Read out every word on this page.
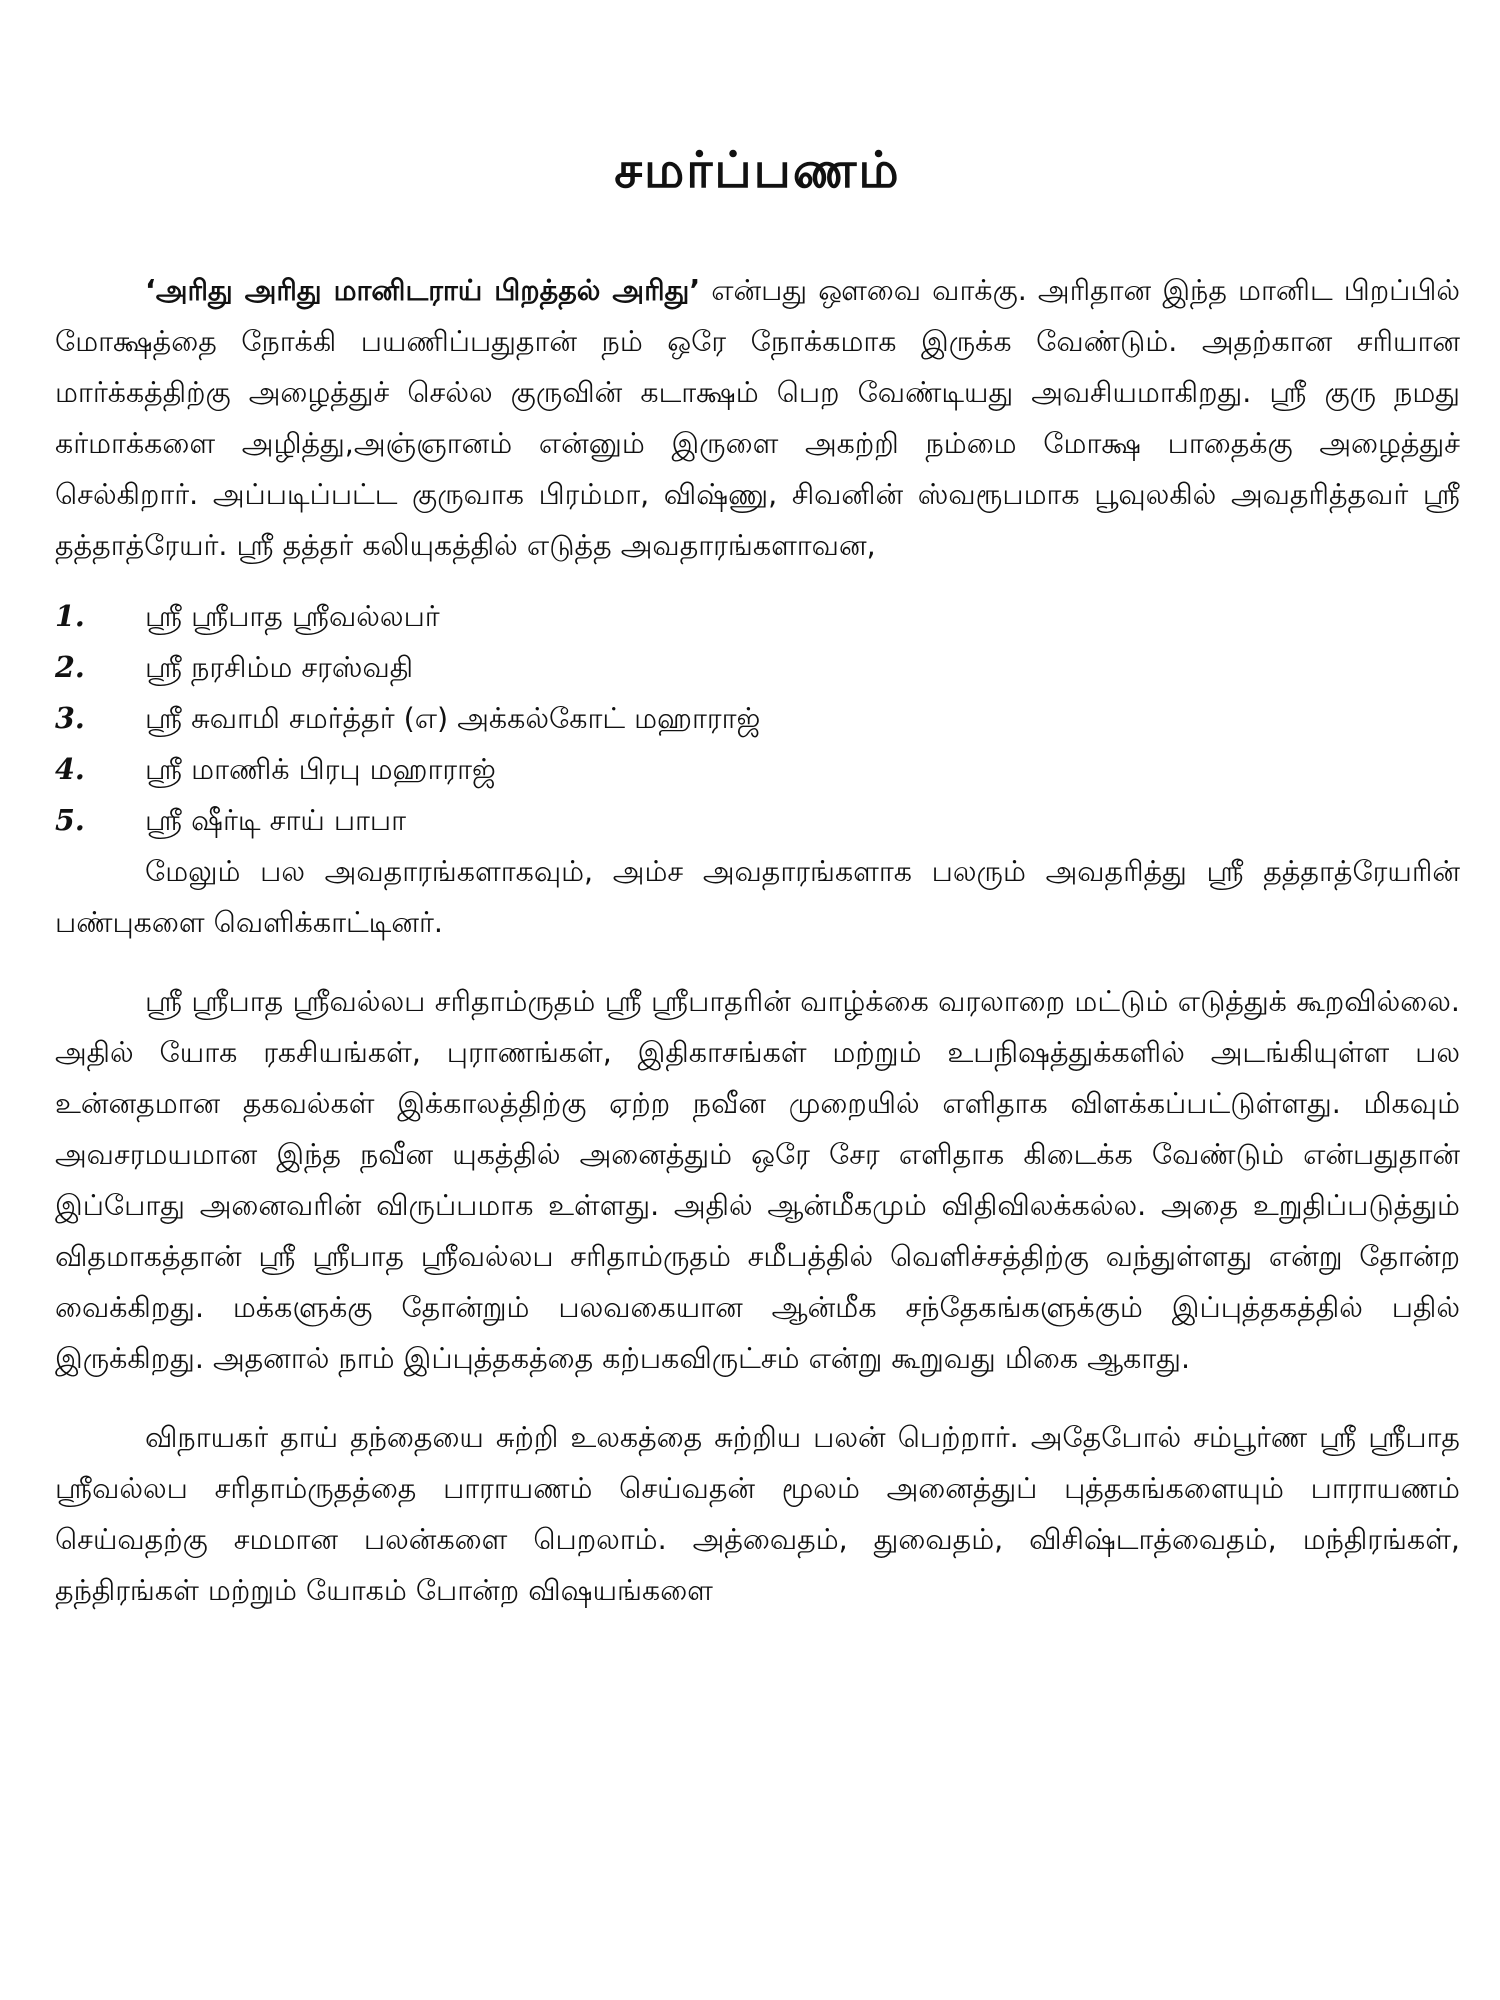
சமர்ப்பணம்

‘அரிது அரிது மானிடராய் பிறத்தல் அரிது’ என்பது ஔவை வாக்கு. அரிதான இந்த மானிட பிறப்பில் மோக்ஷத்தை நோக்கி பயணிப்பதுதான் நம் ஒரே நோக்கமாக இருக்க வேண்டும். அதற்கான சரியான மார்க்கத்திற்கு அழைத்துச் செல்ல குருவின் கடாக்ஷம் பெற வேண்டியது அவசியமாகிறது. ஸ்ரீ குரு நமது கர்மாக்களை அழித்து,அஞ்ஞானம் என்னும் இருளை அகற்றி நம்மை மோக்ஷ பாதைக்கு அழைத்துச் செல்கிறார். அப்படிப்பட்ட குருவாக பிரம்மா, விஷ்ணு, சிவனின் ஸ்வரூபமாக பூவுலகில் அவதரித்தவர் ஸ்ரீ தத்தாத்ரேயர். ஸ்ரீ தத்தர் கலியுகத்தில் எடுத்த அவதாரங்களாவன,

1.	ஸ்ரீ ஸ்ரீபாத ஸ்ரீவல்லபர்
2.	ஸ்ரீ நரசிம்ம சரஸ்வதி
3.	ஸ்ரீ சுவாமி சமர்த்தர் (எ) அக்கல்கோட் மஹாராஜ்
4.	ஸ்ரீ மாணிக் பிரபு மஹாராஜ்
5.	ஸ்ரீ ஷீர்டி சாய் பாபா

மேலும் பல அவதாரங்களாகவும், அம்ச அவதாரங்களாக பலரும் அவதரித்து ஸ்ரீ தத்தாத்ரேயரின் பண்புகளை வெளிக்காட்டினர்.

ஸ்ரீ ஸ்ரீபாத ஸ்ரீவல்லப சரிதாம்ருதம் ஸ்ரீ ஸ்ரீபாதரின் வாழ்க்கை வரலாறை மட்டும் எடுத்துக் கூறவில்லை. அதில் யோக ரகசியங்கள், புராணங்கள், இதிகாசங்கள் மற்றும் உபநிஷத்துக்களில் அடங்கியுள்ள பல உன்னதமான தகவல்கள் இக்காலத்திற்கு ஏற்ற நவீன முறையில் எளிதாக விளக்கப்பட்டுள்ளது. மிகவும் அவசரமயமான இந்த நவீன யுகத்தில் அனைத்தும் ஒரே சேர எளிதாக கிடைக்க வேண்டும் என்பதுதான் இப்போது அனைவரின் விருப்பமாக உள்ளது. அதில் ஆன்மீகமும் விதிவிலக்கல்ல. அதை உறுதிப்படுத்தும் விதமாகத்தான் ஸ்ரீ ஸ்ரீபாத ஸ்ரீவல்லப சரிதாம்ருதம் சமீபத்தில் வெளிச்சத்திற்கு வந்துள்ளது என்று தோன்ற வைக்கிறது. மக்களுக்கு தோன்றும் பலவகையான ஆன்மீக சந்தேகங்களுக்கும் இப்புத்தகத்தில் பதில் இருக்கிறது. அதனால் நாம் இப்புத்தகத்தை கற்பகவிருட்சம் என்று கூறுவது மிகை ஆகாது.

விநாயகர் தாய் தந்தையை சுற்றி உலகத்தை சுற்றிய பலன் பெற்றார். அதேபோல் சம்பூர்ண ஸ்ரீ ஸ்ரீபாத ஸ்ரீவல்லப சரிதாம்ருதத்தை பாராயணம் செய்வதன் மூலம் அனைத்துப் புத்தகங்களையும் பாராயணம் செய்வதற்கு சமமான பலன்களை பெறலாம். அத்வைதம், துவைதம், விசிஷ்டாத்வைதம், மந்திரங்கள், தந்திரங்கள் மற்றும் யோகம் போன்ற விஷயங்களை
